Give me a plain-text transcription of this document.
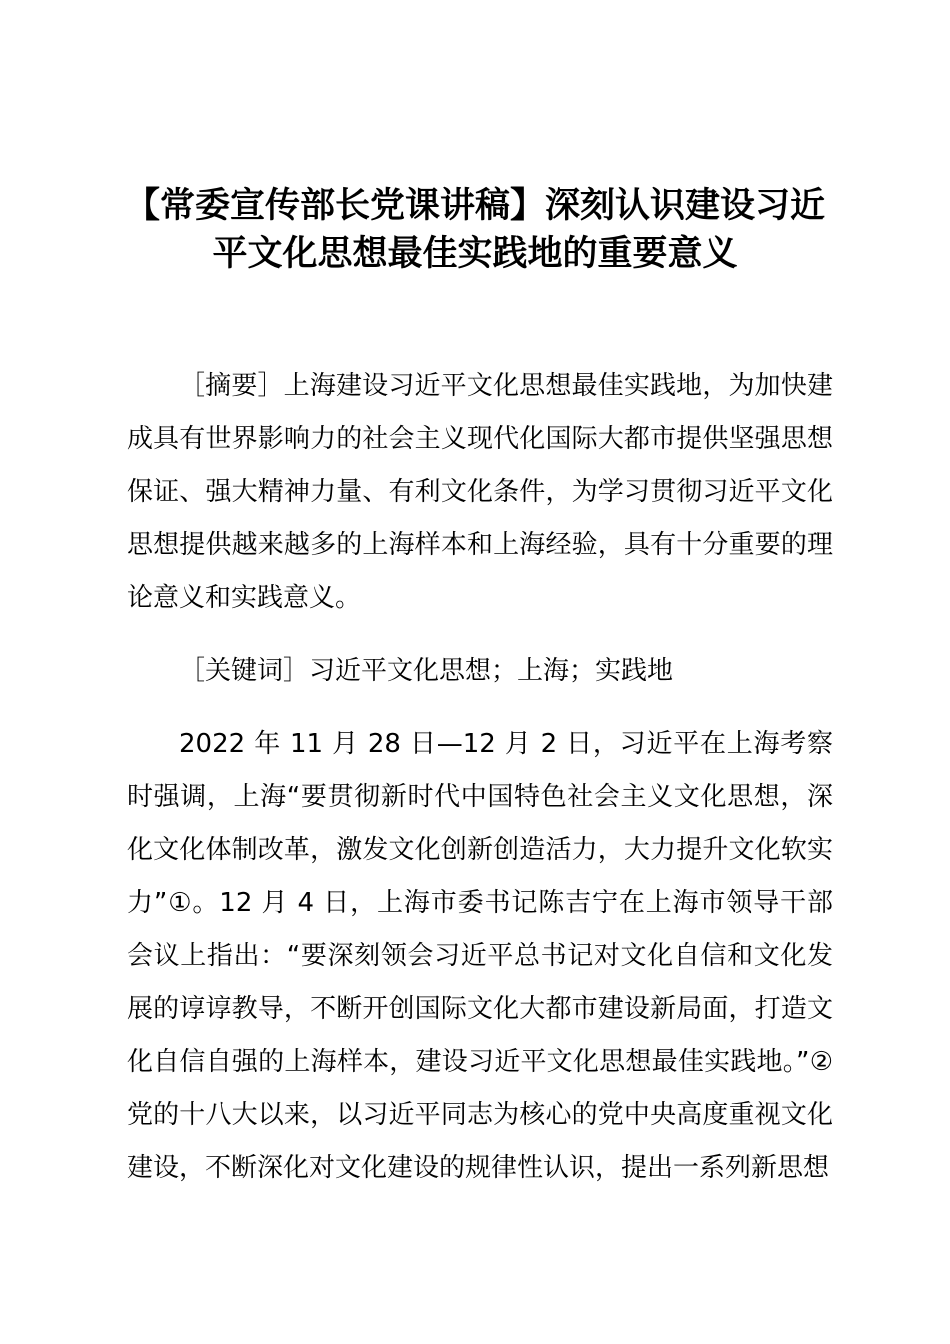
【常委宣传部长党课讲稿】深刻认识建设习近
平文化思想最佳实践地的重要意义

［摘要］上海建设习近平文化思想最佳实践地，为加快建成具有世界影响力的社会主义现代化国际大都市提供坚强思想保证、强大精神力量、有利文化条件，为学习贯彻习近平文化思想提供越来越多的上海样本和上海经验，具有十分重要的理论意义和实践意义。

［关键词］习近平文化思想；上海；实践地

2022 年 11 月 28 日—12 月 2 日，习近平在上海考察时强调，上海“要贯彻新时代中国特色社会主义文化思想，深化文化体制改革，激发文化创新创造活力，大力提升文化软实力”①。12 月 4 日，上海市委书记陈吉宁在上海市领导干部会议上指出：“要深刻领会习近平总书记对文化自信和文化发展的谆谆教导，不断开创国际文化大都市建设新局面，打造文化自信自强的上海样本，建设习近平文化思想最佳实践地。”②党的十八大以来，以习近平同志为核心的党中央高度重视文化建设，不断深化对文化建设的规律性认识，提出一系列新思想
